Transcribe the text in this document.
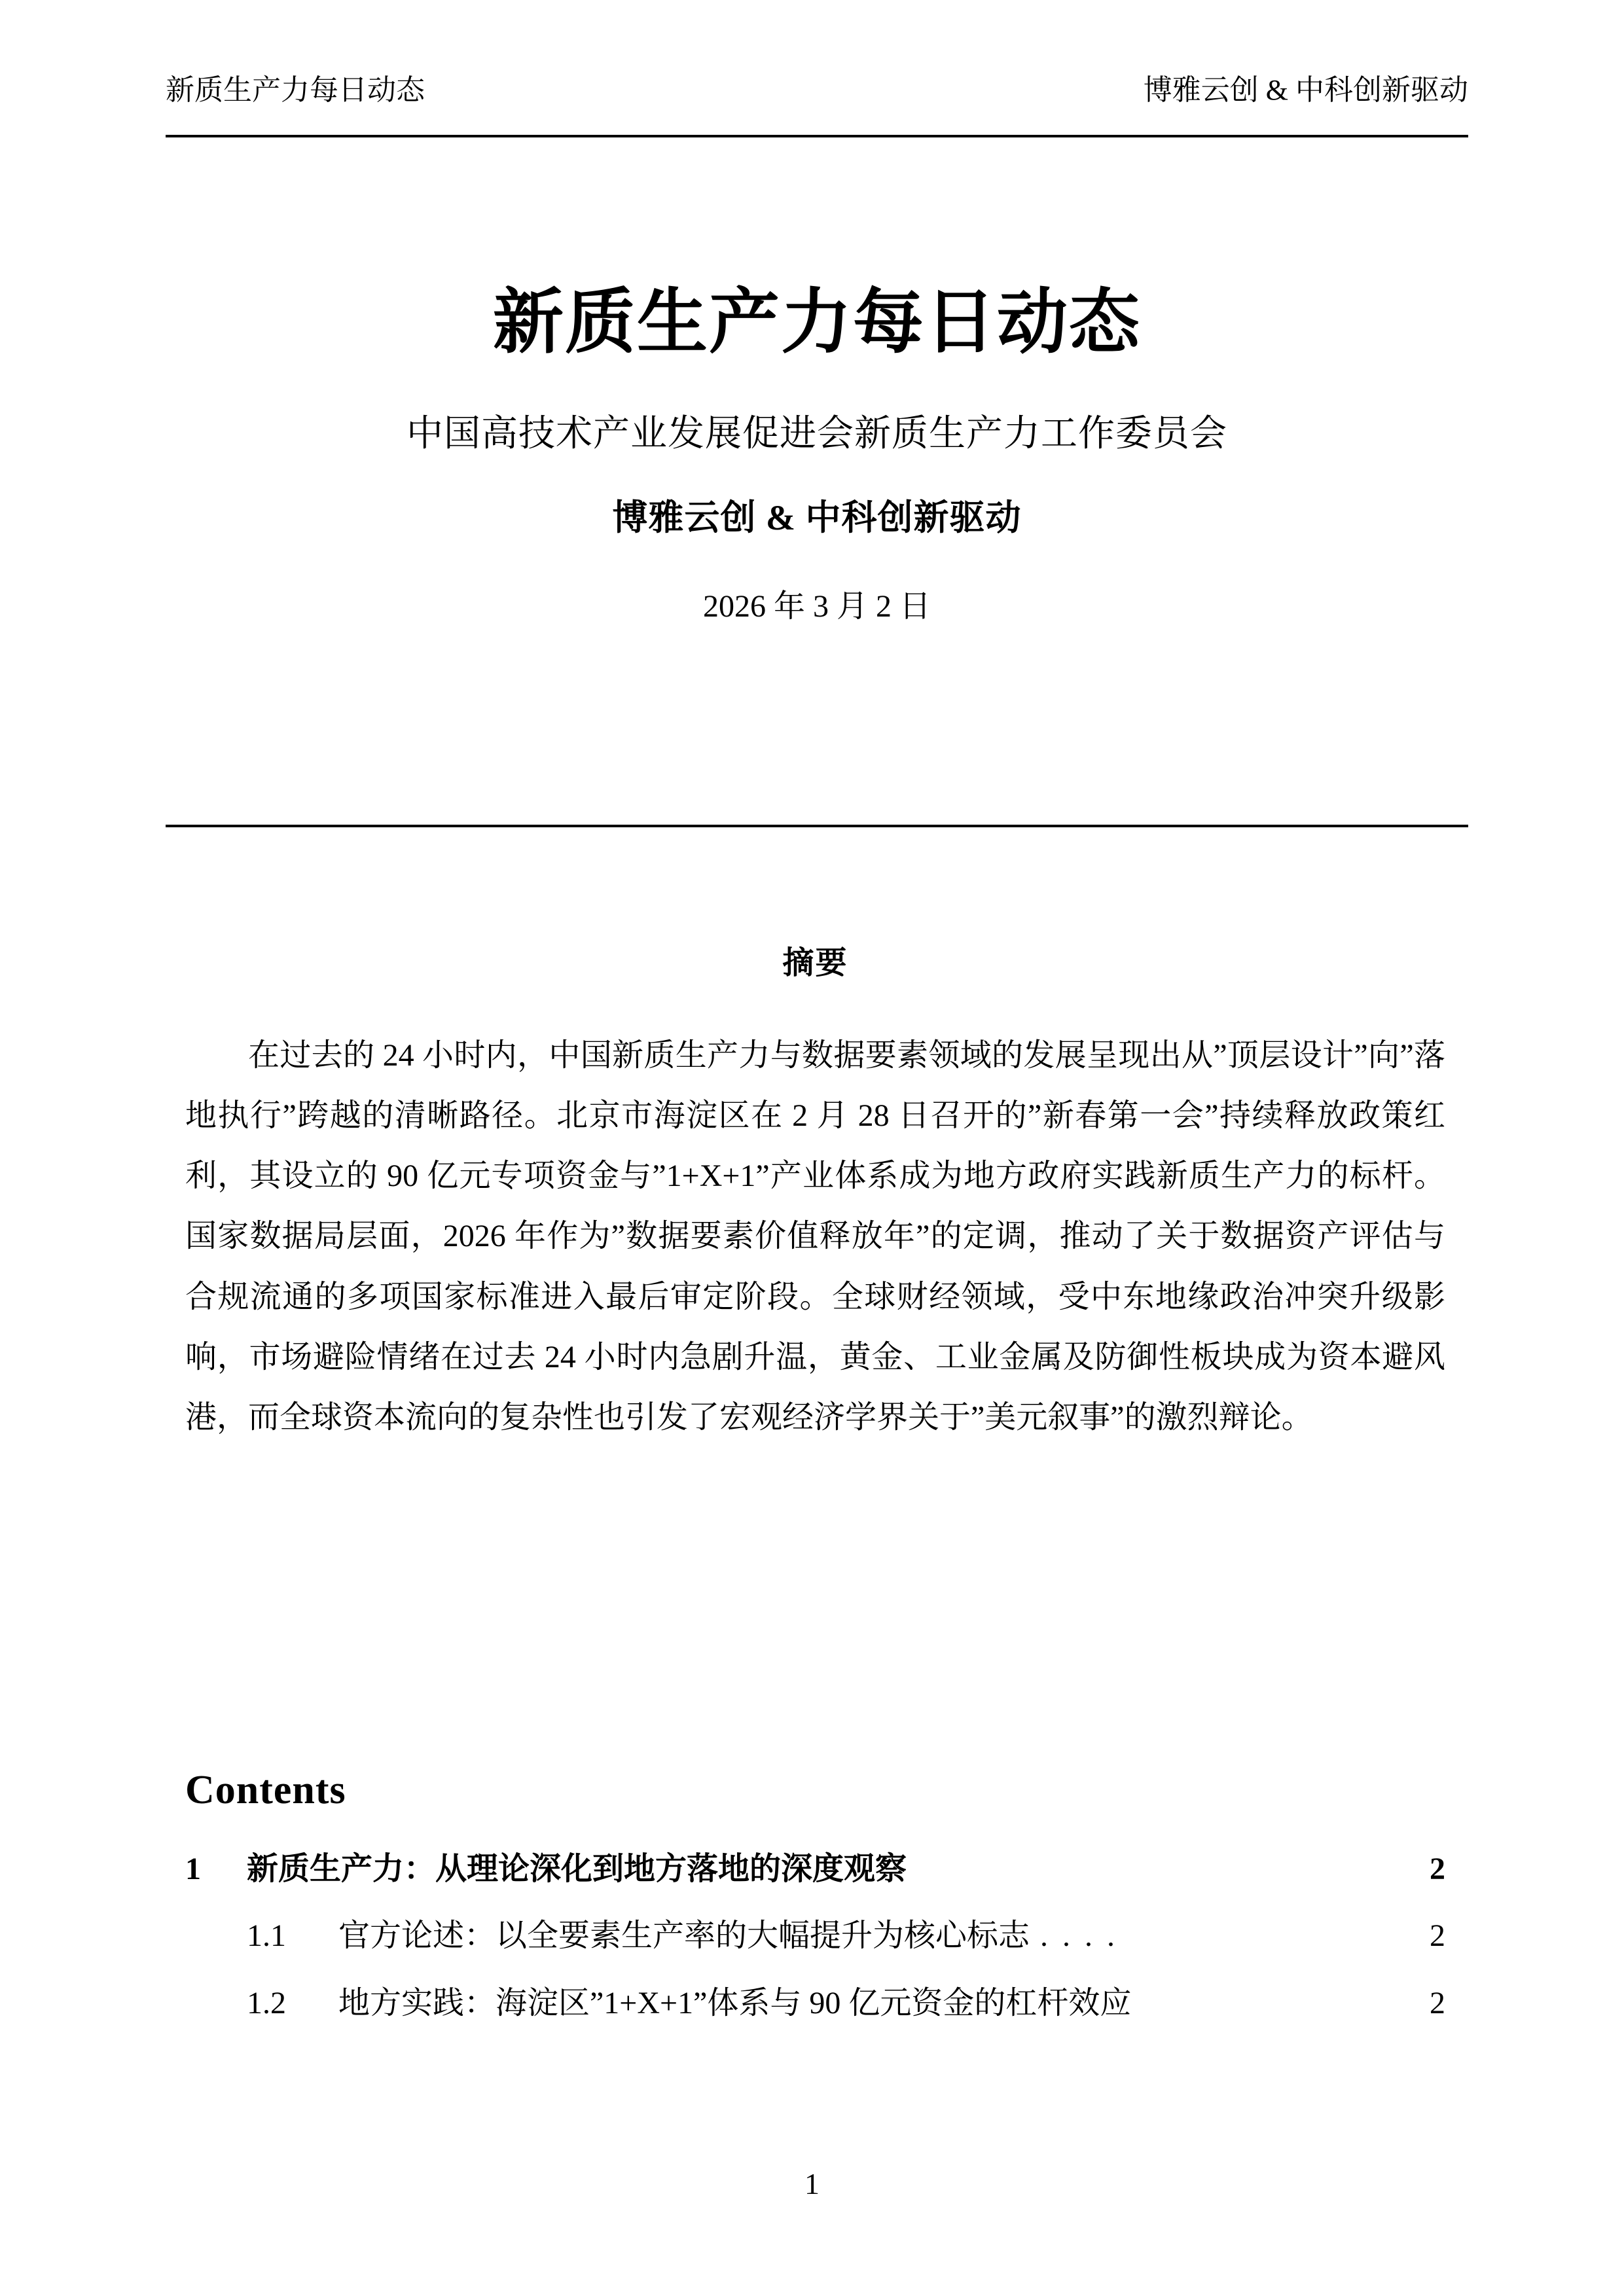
新质生产力每日动态	博雅云创 & 中科创新驱动
新质生产力每日动态
中国高技术产业发展促进会新质生产力工作委员会
博雅云创 & 中科创新驱动
2026 年 3 月 2 日
摘要

在过去的 24 小时内，中国新质生产力与数据要素领域的发展呈现出从”顶层设计”向”落地执行”跨越的清晰路径。北京市海淀区在 2 月 28 日召开的”新春第一会”持续释放政策红利，其设立的 90 亿元专项资金与”1+X+1”产业体系成为地方政府实践新质生产力的标杆。国家数据局层面，2026 年作为”数据要素价值释放年”的定调，推动了关于数据资产评估与合规流通的多项国家标准进入最后审定阶段。全球财经领域，受中东地缘政治冲突升级影响，市场避险情绪在过去 24 小时内急剧升温，黄金、工业金属及防御性板块成为资本避风港，而全球资本流向的复杂性也引发了宏观经济学界关于”美元叙事”的激烈辩论。

Contents
1	新质生产力：从理论深化到地方落地的深度观察	2
1.1	官方论述：以全要素生产率的大幅提升为核心标志 ....	2
1.2	地方实践：海淀区”1+X+1”体系与 90 亿元资金的杠杆效应	2
1
